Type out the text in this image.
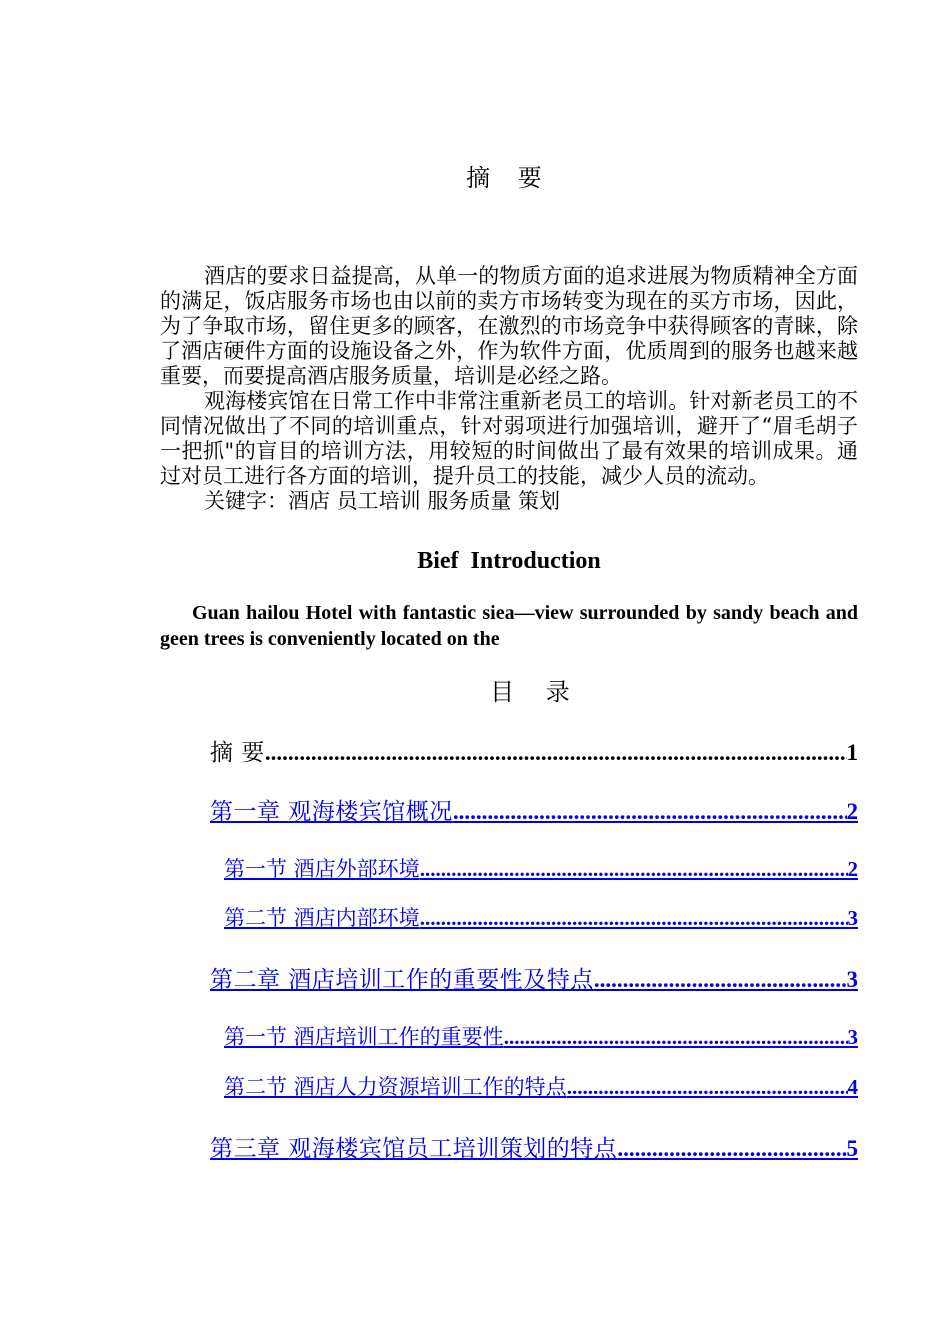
摘 要

酒店的要求日益提高，从单一的物质方面的追求进展为物质精神全方面的满足，饭店服务市场也由以前的卖方市场转变为现在的买方市场，因此，为了争取市场，留住更多的顾客，在激烈的市场竞争中获得顾客的青睐，除了酒店硬件方面的设施设备之外，作为软件方面，优质周到的服务也越来越重要，而要提高酒店服务质量，培训是必经之路。

观海楼宾馆在日常工作中非常注重新老员工的培训。针对新老员工的不同情况做出了不同的培训重点，针对弱项进行加强培训，避开了“眉毛胡子一把抓"的盲目的培训方法，用较短的时间做出了最有效果的培训成果。通过对员工进行各方面的培训，提升员工的技能，减少人员的流动。

关键字：酒店 员工培训 服务质量 策划

Bief Introduction

Guan hailou Hotel with fantastic siea—view surrounded by sandy beach and geen trees is conveniently located on the

目 录
摘 要 .....	1
第一章 观海楼宾馆概况 .....	2
第一节 酒店外部环境 .....	2
第二节 酒店内部环境 .....	3
第二章 酒店培训工作的重要性及特点 .....	3
第一节 酒店培训工作的重要性 .....	3
第二节 酒店人力资源培训工作的特点 .....	4
第三章 观海楼宾馆员工培训策划的特点 .....	5
